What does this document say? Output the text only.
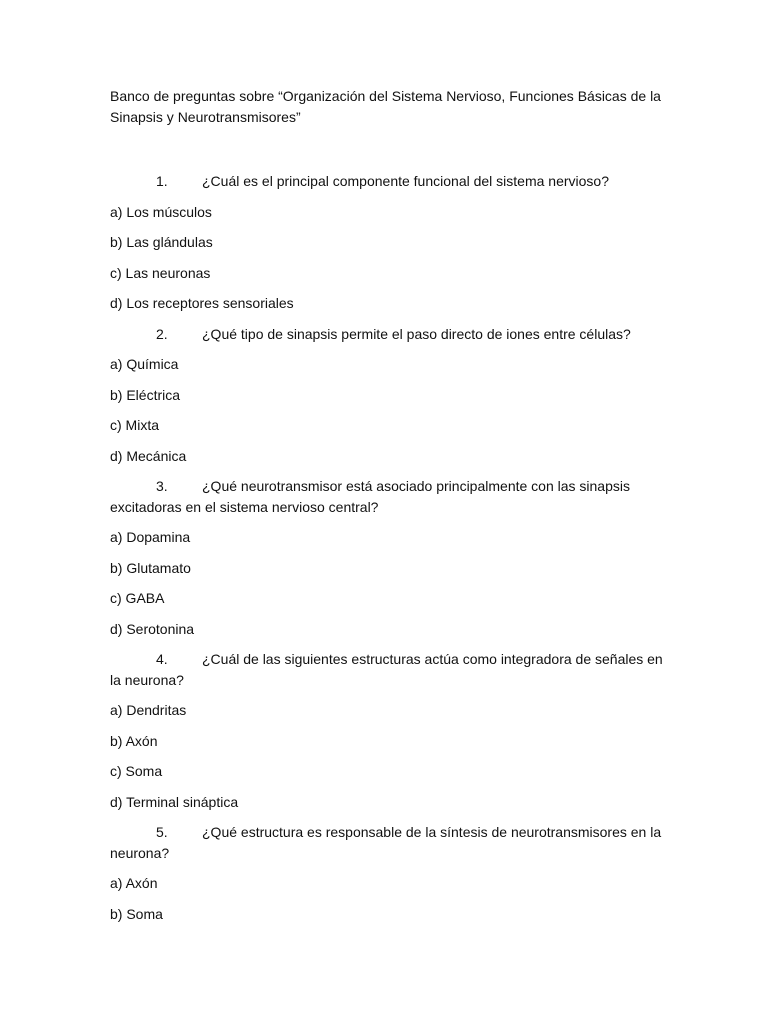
Banco de preguntas sobre “Organización del Sistema Nervioso, Funciones Básicas de la Sinapsis y Neurotransmisores”

1. ¿Cuál es el principal componente funcional del sistema nervioso?

a) Los músculos

b) Las glándulas

c) Las neuronas

d) Los receptores sensoriales

2. ¿Qué tipo de sinapsis permite el paso directo de iones entre células?

a) Química

b) Eléctrica

c) Mixta

d) Mecánica

3. ¿Qué neurotransmisor está asociado principalmente con las sinapsis excitadoras en el sistema nervioso central?

a) Dopamina

b) Glutamato

c) GABA

d) Serotonina

4. ¿Cuál de las siguientes estructuras actúa como integradora de señales en la neurona?

a) Dendritas

b) Axón

c) Soma

d) Terminal sináptica

5. ¿Qué estructura es responsable de la síntesis de neurotransmisores en la neurona?

a) Axón

b) Soma
